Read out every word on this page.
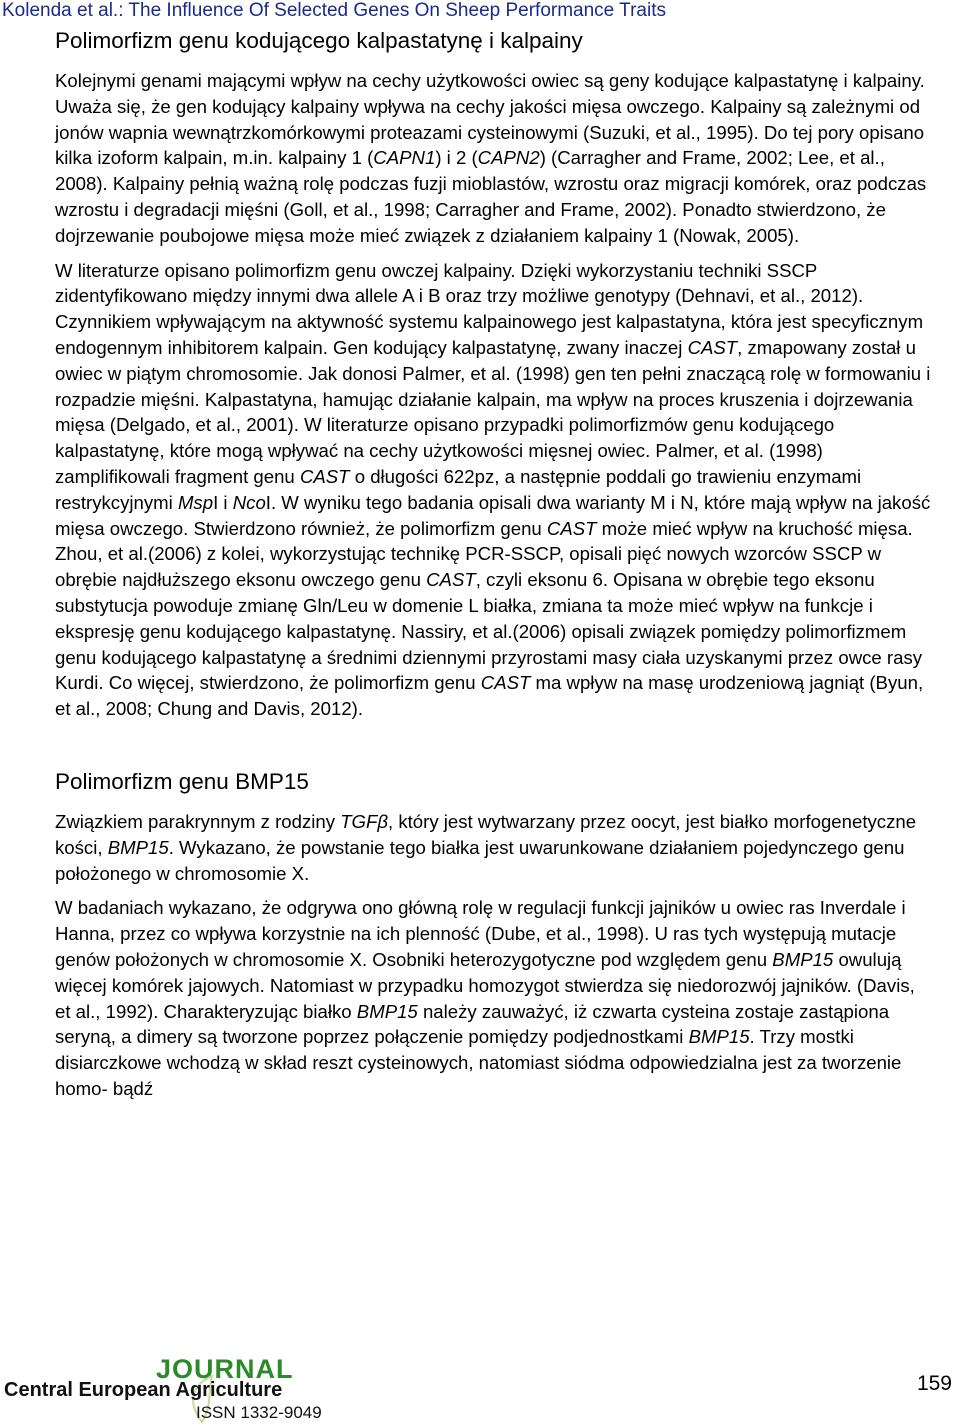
Kolenda et al.: The Influence Of Selected Genes On Sheep Performance Traits
Polimorfizm genu kodującego kalpastatynę i kalpainy

Kolejnymi genami mającymi wpływ na cechy użytkowości owiec są geny kodujące kalpastatynę i kalpainy. Uważa się, że gen kodujący kalpainy wpływa na cechy jakości mięsa owczego. Kalpainy są zależnymi od jonów wapnia wewnątrzkomórkowymi proteazami cysteinowymi (Suzuki, et al., 1995). Do tej pory opisano kilka izoform kalpain, m.in. kalpainy 1 (CAPN1) i 2 (CAPN2) (Carragher and Frame, 2002; Lee, et al., 2008). Kalpainy pełnią ważną rolę podczas fuzji mioblastów, wzrostu oraz migracji komórek, oraz podczas wzrostu i degradacji mięśni (Goll, et al., 1998; Carragher and Frame, 2002). Ponadto stwierdzono, że dojrzewanie poubojowe mięsa może mieć związek z działaniem kalpainy 1 (Nowak, 2005).

W literaturze opisano polimorfizm genu owczej kalpainy. Dzięki wykorzystaniu techniki SSCP zidentyfikowano między innymi dwa allele A i B oraz trzy możliwe genotypy (Dehnavi, et al., 2012). Czynnikiem wpływającym na aktywność systemu kalpainowego jest kalpastatyna, która jest specyficznym endogennym inhibitorem kalpain. Gen kodujący kalpastatynę, zwany inaczej CAST, zmapowany został u owiec w piątym chromosomie. Jak donosi Palmer, et al. (1998) gen ten pełni znaczącą rolę w formowaniu i rozpadzie mięśni. Kalpastatyna, hamując działanie kalpain, ma wpływ na proces kruszenia i dojrzewania mięsa (Delgado, et al., 2001). W literaturze opisano przypadki polimorfizmów genu kodującego kalpastatynę, które mogą wpływać na cechy użytkowości mięsnej owiec. Palmer, et al. (1998) zamplifikowali fragment genu CAST o długości 622pz, a następnie poddali go trawieniu enzymami restrykcyjnymi MspI i NcoI. W wyniku tego badania opisali dwa warianty M i N, które mają wpływ na jakość mięsa owczego. Stwierdzono również, że polimorfizm genu CAST może mieć wpływ na kruchość mięsa. Zhou, et al.(2006) z kolei, wykorzystując technikę PCR-SSCP, opisali pięć nowych wzorców SSCP w obrębie najdłuższego eksonu owczego genu CAST, czyli eksonu 6. Opisana w obrębie tego eksonu substytucja powoduje zmianę Gln/Leu w domenie L białka, zmiana ta może mieć wpływ na funkcje i ekspresję genu kodującego kalpastatynę. Nassiry, et al.(2006) opisali związek pomiędzy polimorfizmem genu kodującego kalpastatynę a średnimi dziennymi przyrostami masy ciała uzyskanymi przez owce rasy Kurdi. Co więcej, stwierdzono, że polimorfizm genu CAST ma wpływ na masę urodzeniową jagniąt (Byun, et al., 2008; Chung and Davis, 2012).

Polimorfizm genu BMP15

Związkiem parakrynnym z rodziny TGFβ, który jest wytwarzany przez oocyt, jest białko morfogenetyczne kości, BMP15. Wykazano, że powstanie tego białka jest uwarunkowane działaniem pojedynczego genu położonego w chromosomie X.

W badaniach wykazano, że odgrywa ono główną rolę w regulacji funkcji jajników u owiec ras Inverdale i Hanna, przez co wpływa korzystnie na ich plenność (Dube, et al., 1998). U ras tych występują mutacje genów położonych w chromosomie X. Osobniki heterozygotyczne pod względem genu BMP15 owulują więcej komórek jajowych. Natomiast w przypadku homozygot stwierdza się niedorozwój jajników. (Davis, et al., 1992). Charakteryzując białko BMP15 należy zauważyć, iż czwarta cysteina zostaje zastąpiona seryną, a dimery są tworzone poprzez połączenie pomiędzy podjednostkami BMP15. Trzy mostki disiarczkowe wchodzą w skład reszt cysteinowych, natomiast siódma odpowiedzialna jest za tworzenie homo- bądź

JOURNAL
Central European Agriculture
ISSN 1332-9049
159
